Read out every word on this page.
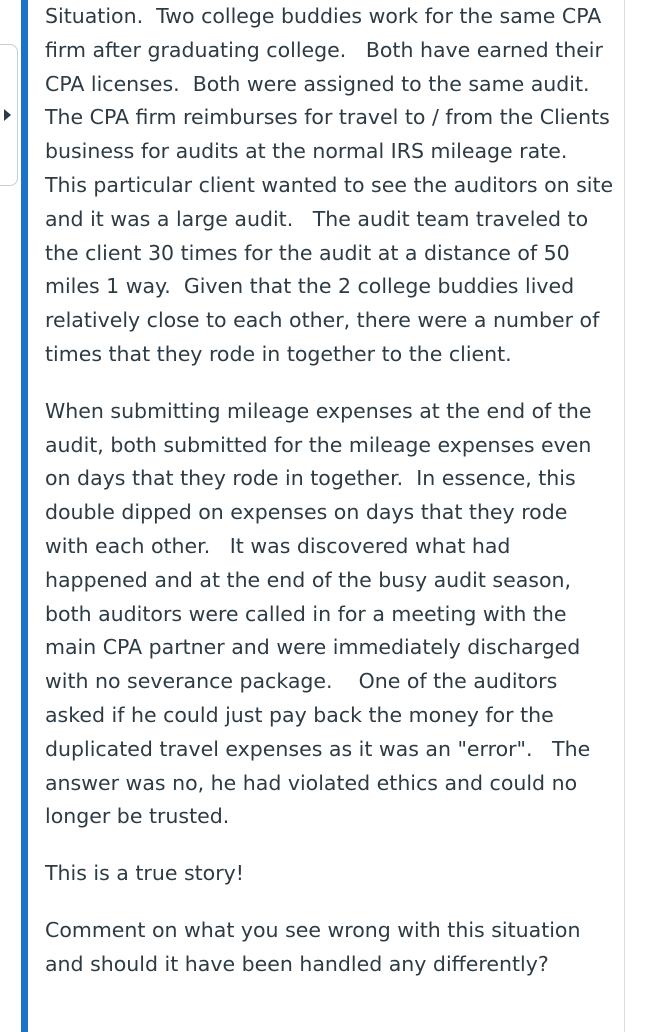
Situation.  Two college buddies work for the same CPA firm after graduating college.   Both have earned their CPA licenses.  Both were assigned to the same audit.  The CPA firm reimburses for travel to / from the Clients business for audits at the normal IRS mileage rate.    This particular client wanted to see the auditors on site and it was a large audit.   The audit team traveled to the client 30 times for the audit at a distance of 50 miles 1 way.  Given that the 2 college buddies lived relatively close to each other, there were a number of times that they rode in together to the client.

When submitting mileage expenses at the end of the audit, both submitted for the mileage expenses even on days that they rode in together.  In essence, this double dipped on expenses on days that they rode with each other.   It was discovered what had happened and at the end of the busy audit season, both auditors were called in for a meeting with the main CPA partner and were immediately discharged with no severance package.    One of the auditors asked if he could just pay back the money for the duplicated travel expenses as it was an "error".   The answer was no, he had violated ethics and could no longer be trusted.

This is a true story!

Comment on what you see wrong with this situation and should it have been handled any differently?
